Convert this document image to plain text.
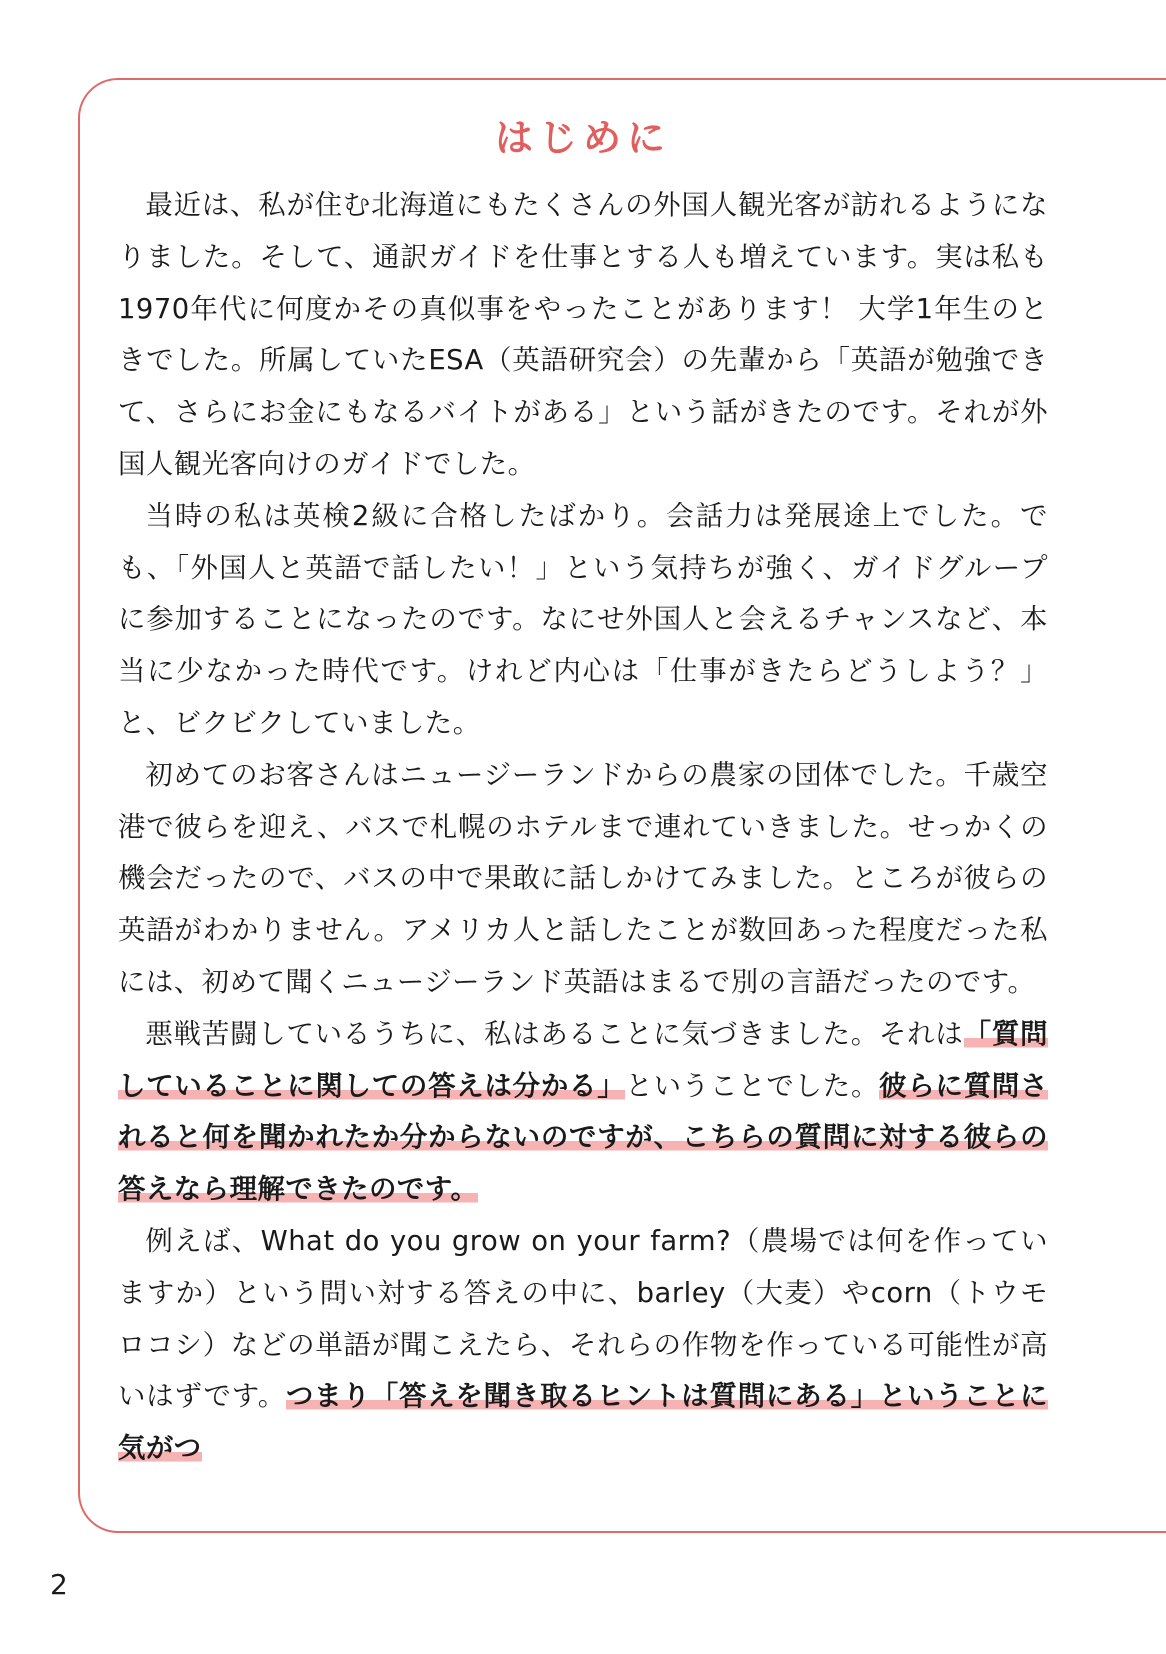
はじめに

最近は、私が住む北海道にもたくさんの外国人観光客が訪れるようになりました。そして、通訳ガイドを仕事とする人も増えています。実は私も1970年代に何度かその真似事をやったことがあります！ 大学1年生のときでした。所属していたESA（英語研究会）の先輩から「英語が勉強できて、さらにお金にもなるバイトがある」という話がきたのです。それが外国人観光客向けのガイドでした。

当時の私は英検2級に合格したばかり。会話力は発展途上でした。でも、「外国人と英語で話したい！」という気持ちが強く、ガイドグループに参加することになったのです。なにせ外国人と会えるチャンスなど、本当に少なかった時代です。けれど内心は「仕事がきたらどうしよう？」と、ビクビクしていました。

初めてのお客さんはニュージーランドからの農家の団体でした。千歳空港で彼らを迎え、バスで札幌のホテルまで連れていきました。せっかくの機会だったので、バスの中で果敢に話しかけてみました。ところが彼らの英語がわかりません。アメリカ人と話したことが数回あった程度だった私には、初めて聞くニュージーランド英語はまるで別の言語だったのです。

悪戦苦闘しているうちに、私はあることに気づきました。それは「質問していることに関しての答えは分かる」ということでした。彼らに質問されると何を聞かれたか分からないのですが、こちらの質問に対する彼らの答えなら理解できたのです。

例えば、What do you grow on your farm?（農場では何を作っていますか）という問い対する答えの中に、barley（大麦）やcorn（トウモロコシ）などの単語が聞こえたら、それらの作物を作っている可能性が高いはずです。つまり「答えを聞き取るヒントは質問にある」ということに気がつ

2
